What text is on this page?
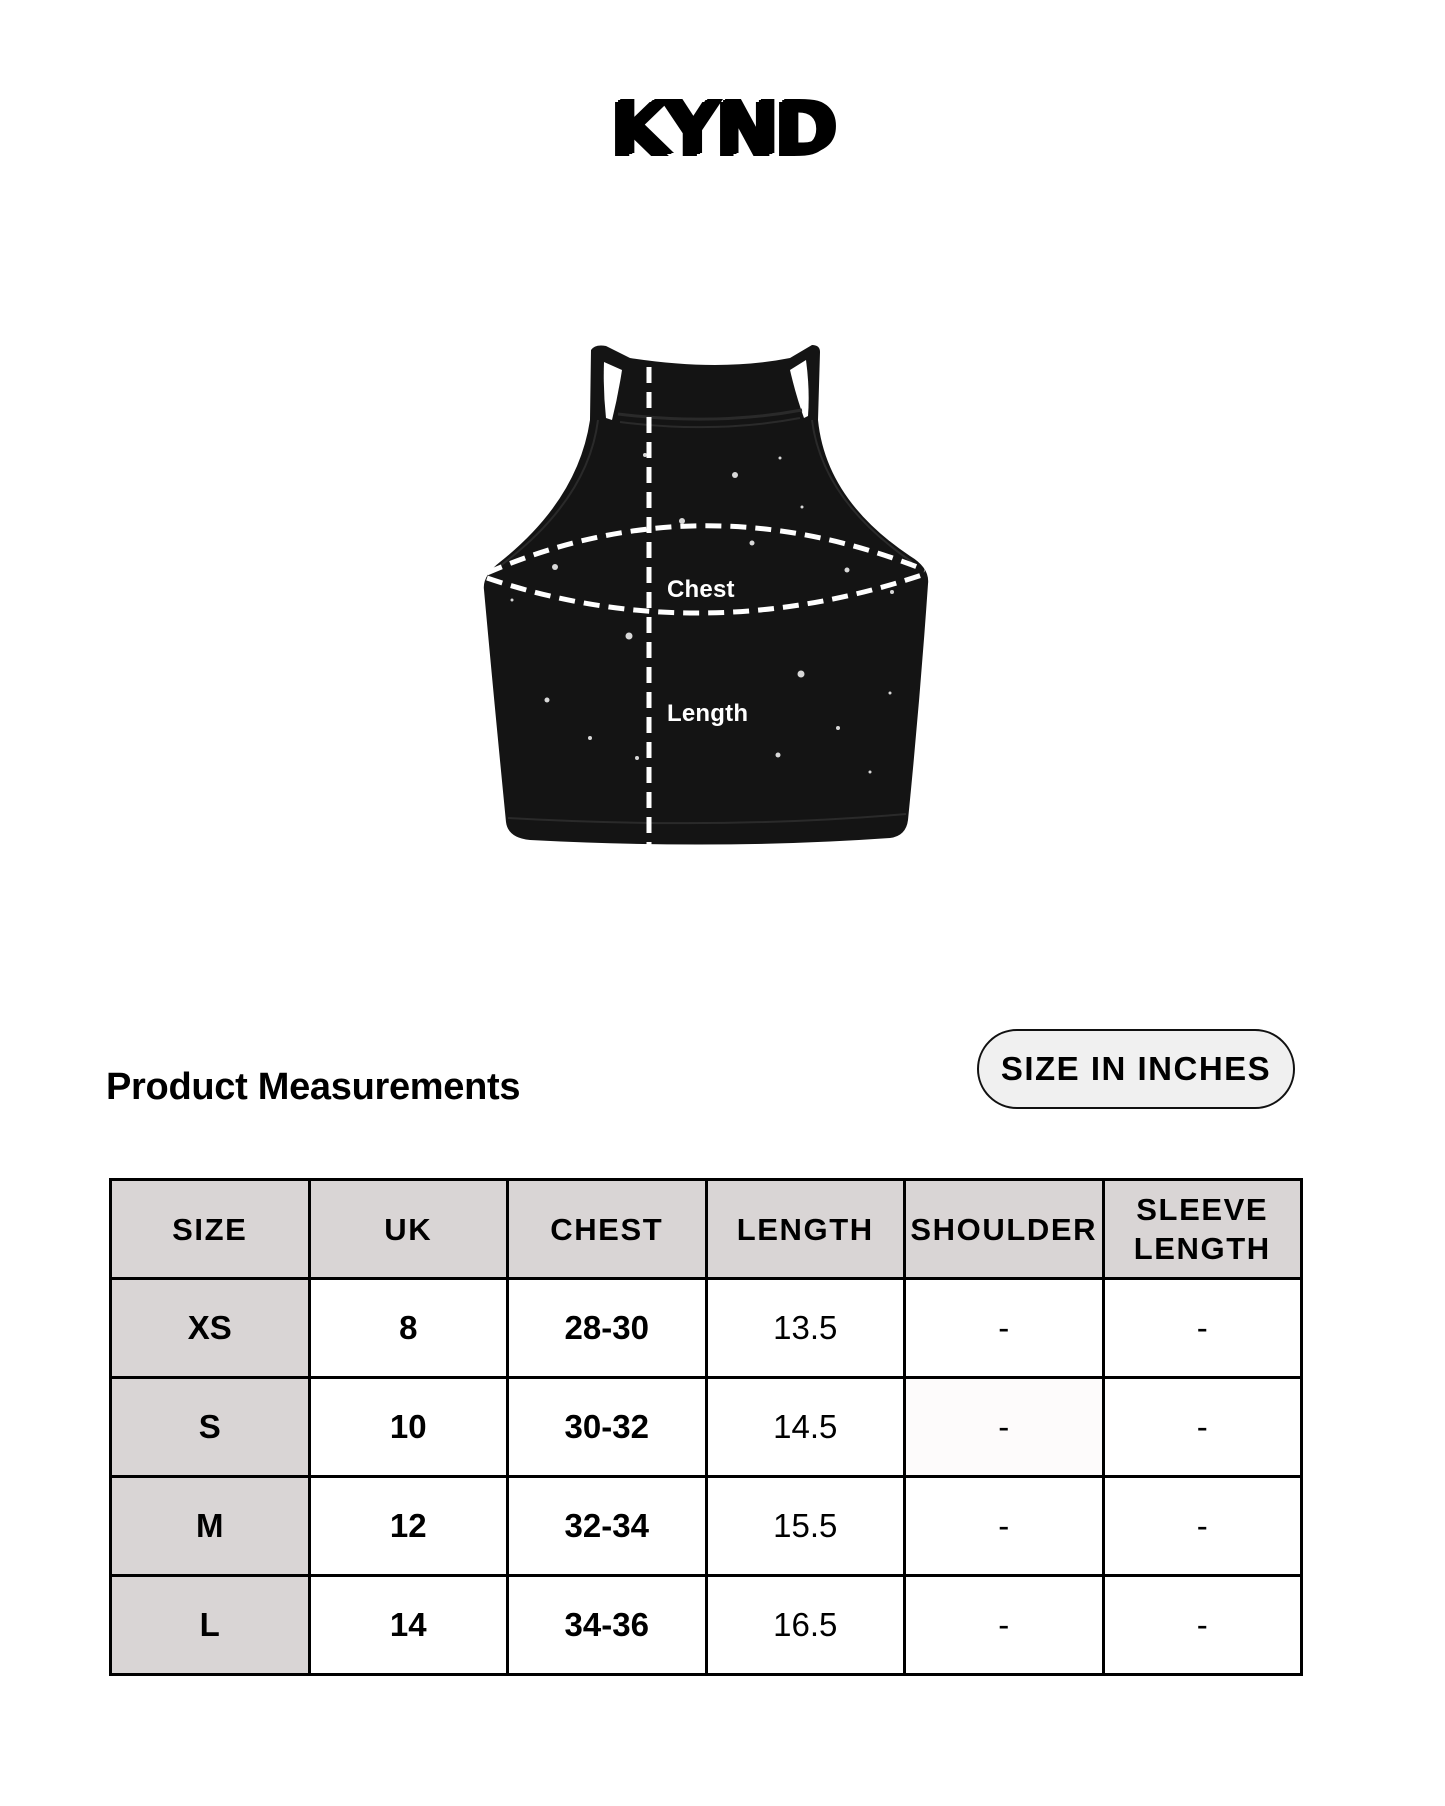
KYND
Chest
Length
Product Measurements	SIZE IN INCHES
SIZE	UK	CHEST	LENGTH	SHOULDER	SLEEVE LENGTH
XS	8	28-30	13.5	-	-
S	10	30-32	14.5	-	-
M	12	32-34	15.5	-	-
L	14	34-36	16.5	-	-
